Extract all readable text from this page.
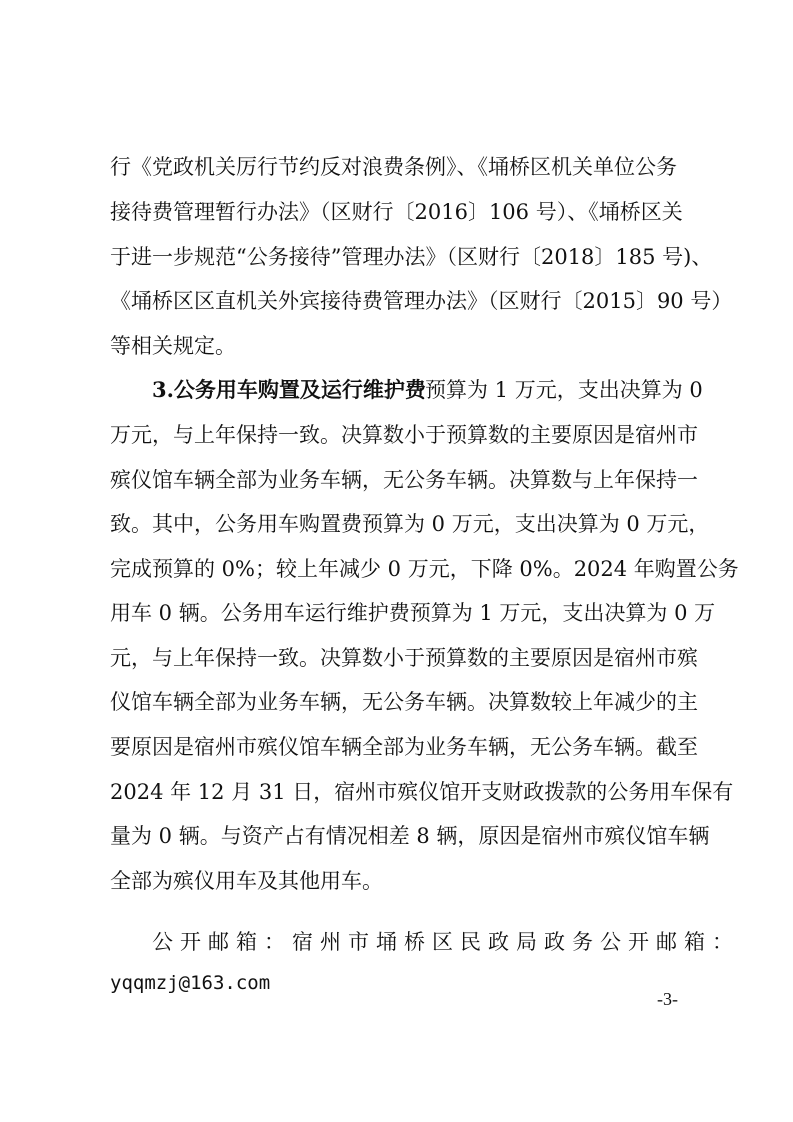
行《党政机关厉行节约反对浪费条例》、《埇桥区机关单位公务

接待费管理暂行办法》（区财行〔2016〕106 号）、《埇桥区关

于进一步规范“公务接待”管理办法》（区财行〔2018〕185 号)、

《埇桥区区直机关外宾接待费管理办法》（区财行〔2015〕90 号）

等相关规定。

3.公务用车购置及运行维护费

预算为 1 万元，支出决算为 0

万元，与上年保持一致。决算数小于预算数的主要原因是宿州市

殡仪馆车辆全部为业务车辆，无公务车辆。决算数与上年保持一

致。其中，公务用车购置费预算为 0 万元，支出决算为 0 万元，

完成预算的 0%；较上年减少 0 万元，下降 0%。2024 年购置公务

用车 0 辆。公务用车运行维护费预算为 1 万元，支出决算为 0 万

元，与上年保持一致。决算数小于预算数的主要原因是宿州市殡

仪馆车辆全部为业务车辆，无公务车辆。决算数较上年减少的主

要原因是宿州市殡仪馆车辆全部为业务车辆，无公务车辆。截至

2024 年 12 月 31 日，宿州市殡仪馆开支财政拨款的公务用车保有

量为 0 辆。与资产占有情况相差 8 辆，原因是宿州市殡仪馆车辆

全部为殡仪用车及其他用车。

公开邮箱：宿州市埇桥区民政局政务公开邮箱：

yqqmzj@163.com

-3-
